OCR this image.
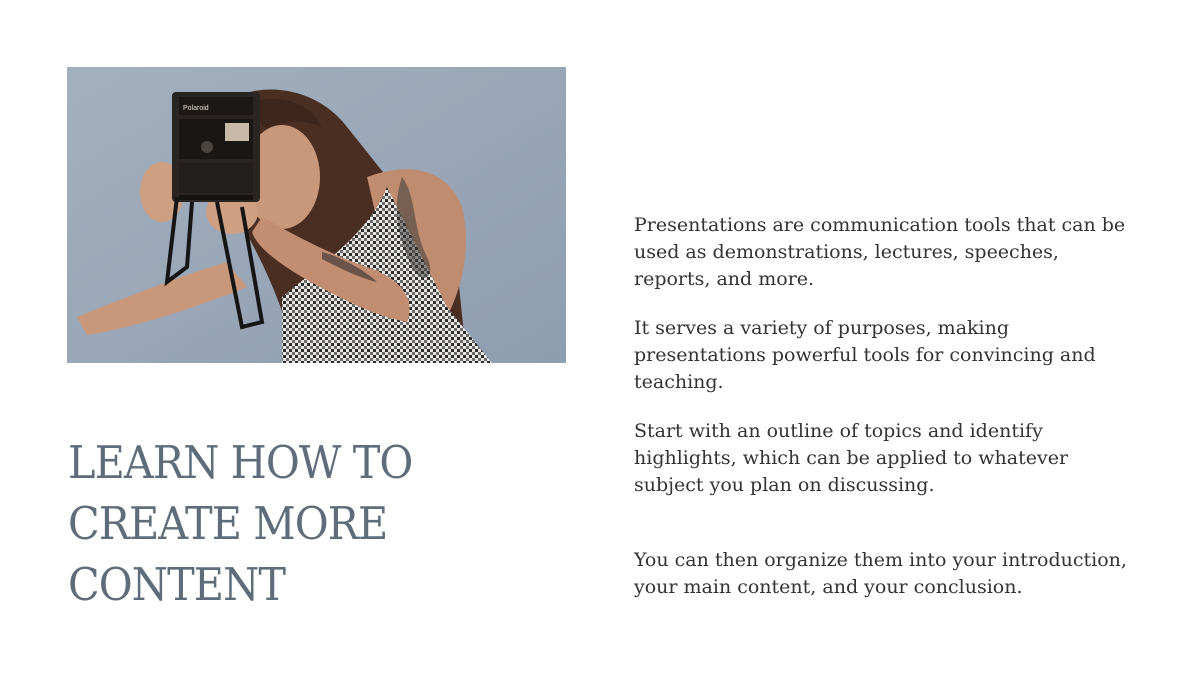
Polaroid
LEARN HOW TO CREATE MORE CONTENT

Presentations are communication tools that can be used as demonstrations, lectures, speeches, reports, and more.

It serves a variety of purposes, making presentations powerful tools for convincing and teaching.

Start with an outline of topics and identify highlights, which can be applied to whatever subject you plan on discussing.

You can then organize them into your introduction, your main content, and your conclusion.
